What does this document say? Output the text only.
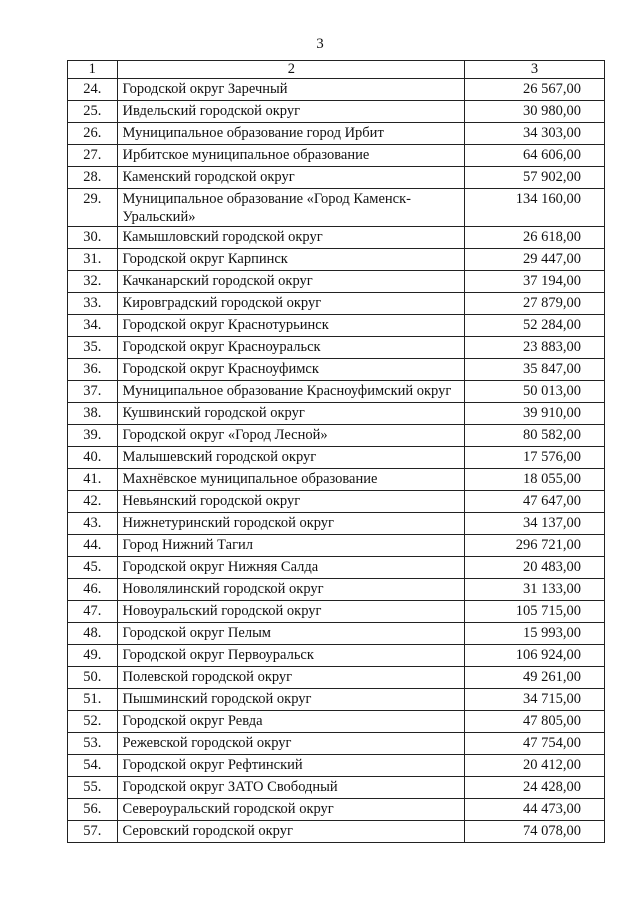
3
1	2	3
24.	Городской округ Заречный	26 567,00
25.	Ивдельский городской округ	30 980,00
26.	Муниципальное образование город Ирбит	34 303,00
27.	Ирбитское муниципальное образование	64 606,00
28.	Каменский городской округ	57 902,00
29.	Муниципальное образование «Город Каменск-Уральский»	134 160,00
30.	Камышловский городской округ	26 618,00
31.	Городской округ Карпинск	29 447,00
32.	Качканарский городской округ	37 194,00
33.	Кировградский городской округ	27 879,00
34.	Городской округ Краснотурьинск	52 284,00
35.	Городской округ Красноуральск	23 883,00
36.	Городской округ Красноуфимск	35 847,00
37.	Муниципальное образование Красноуфимский округ	50 013,00
38.	Кушвинский городской округ	39 910,00
39.	Городской округ «Город Лесной»	80 582,00
40.	Малышевский городской округ	17 576,00
41.	Махнёвское муниципальное образование	18 055,00
42.	Невьянский городской округ	47 647,00
43.	Нижнетуринский городской округ	34 137,00
44.	Город Нижний Тагил	296 721,00
45.	Городской округ Нижняя Салда	20 483,00
46.	Новолялинский городской округ	31 133,00
47.	Новоуральский городской округ	105 715,00
48.	Городской округ Пелым	15 993,00
49.	Городской округ Первоуральск	106 924,00
50.	Полевской городской округ	49 261,00
51.	Пышминский городской округ	34 715,00
52.	Городской округ Ревда	47 805,00
53.	Режевской городской округ	47 754,00
54.	Городской округ Рефтинский	20 412,00
55.	Городской округ ЗАТО Свободный	24 428,00
56.	Североуральский городской округ	44 473,00
57.	Серовский городской округ	74 078,00
